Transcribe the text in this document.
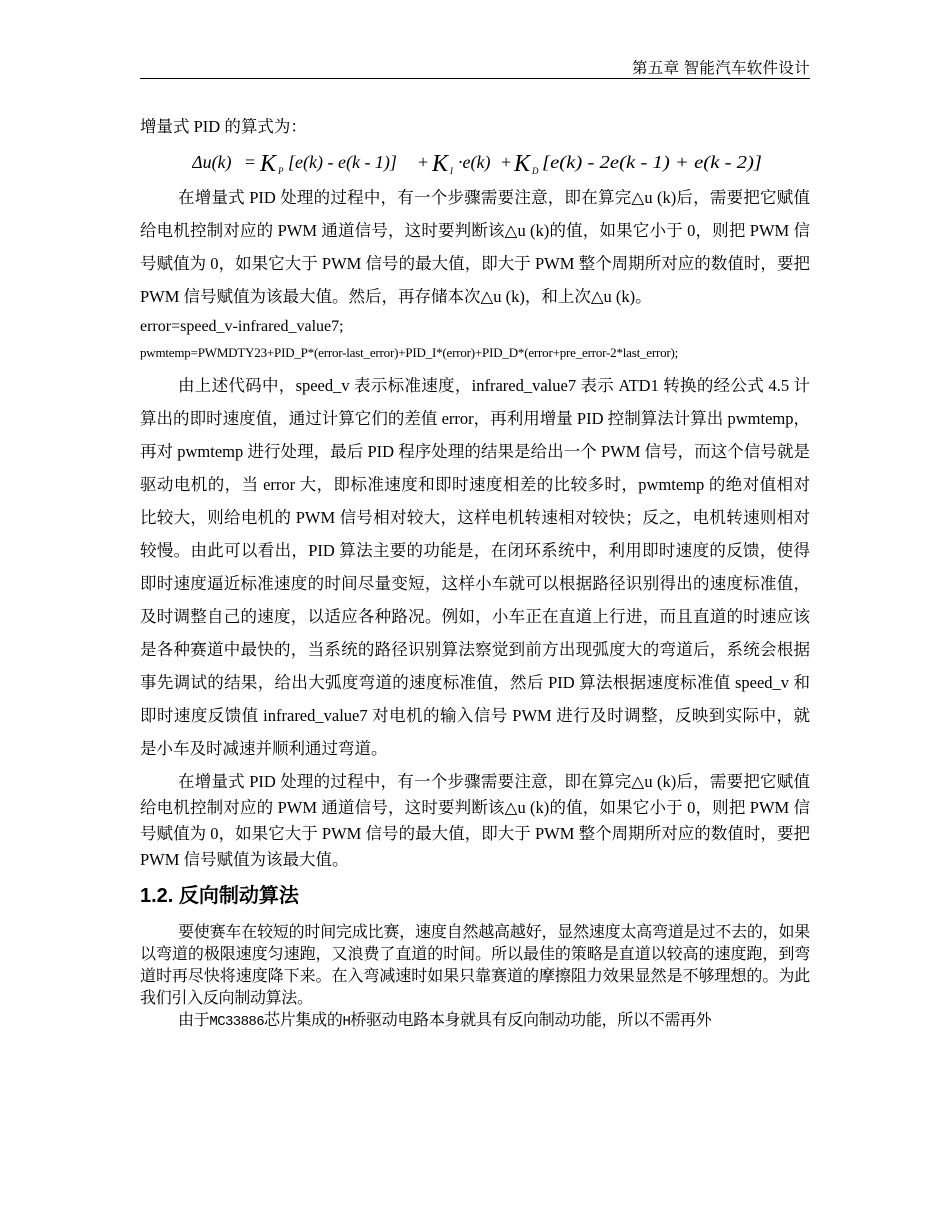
第五章 智能汽车软件设计

增量式 PID 的算式为：

Δu(k) = K P [e(k) - e(k - 1)] + K I ·e(k) + K D [e(k) - 2e(k - 1) + e(k - 2)]

在增量式 PID 处理的过程中，有一个步骤需要注意，即在算完△u (k)后，需要把它赋值给电机控制对应的 PWM 通道信号，这时要判断该△u (k)的值，如果它小于 0，则把 PWM 信号赋值为 0，如果它大于 PWM 信号的最大值，即大于 PWM 整个周期所对应的数值时，要把 PWM 信号赋值为该最大值。然后，再存储本次△u (k)，和上次△u (k)。

error=speed_v-infrared_value7;
pwmtemp=PWMDTY23+PID_P*(error-last_error)+PID_I*(error)+PID_D*(error+pre_error-2*last_error);

由上述代码中，speed_v 表示标准速度，infrared_value7 表示 ATD1 转换的经公式 4.5 计算出的即时速度值，通过计算它们的差值 error，再利用增量 PID 控制算法计算出 pwmtemp，再对 pwmtemp 进行处理，最后 PID 程序处理的结果是给出一个 PWM 信号，而这个信号就是驱动电机的，当 error 大，即标准速度和即时速度相差的比较多时，pwmtemp 的绝对值相对比较大，则给电机的 PWM 信号相对较大，这样电机转速相对较快；反之，电机转速则相对较慢。由此可以看出，PID 算法主要的功能是，在闭环系统中，利用即时速度的反馈，使得即时速度逼近标准速度的时间尽量变短，这样小车就可以根据路径识别得出的速度标准值，及时调整自己的速度，以适应各种路况。例如，小车正在直道上行进，而且直道的时速应该是各种赛道中最快的，当系统的路径识别算法察觉到前方出现弧度大的弯道后，系统会根据事先调试的结果，给出大弧度弯道的速度标准值，然后 PID 算法根据速度标准值 speed_v 和即时速度反馈值 infrared_value7 对电机的输入信号 PWM 进行及时调整，反映到实际中，就是小车及时减速并顺利通过弯道。

在增量式 PID 处理的过程中，有一个步骤需要注意，即在算完△u (k)后，需要把它赋值给电机控制对应的 PWM 通道信号，这时要判断该△u (k)的值，如果它小于 0，则把 PWM 信号赋值为 0，如果它大于 PWM 信号的最大值，即大于 PWM 整个周期所对应的数值时，要把 PWM 信号赋值为该最大值。

1.2. 反向制动算法

要使赛车在较短的时间完成比赛，速度自然越高越好，显然速度太高弯道是过不去的，如果以弯道的极限速度匀速跑，又浪费了直道的时间。所以最佳的策略是直道以较高的速度跑，到弯道时再尽快将速度降下来。在入弯减速时如果只靠赛道的摩擦阻力效果显然是不够理想的。为此我们引入反向制动算法。

由于MC33886芯片集成的H桥驱动电路本身就具有反向制动功能，所以不需再外
